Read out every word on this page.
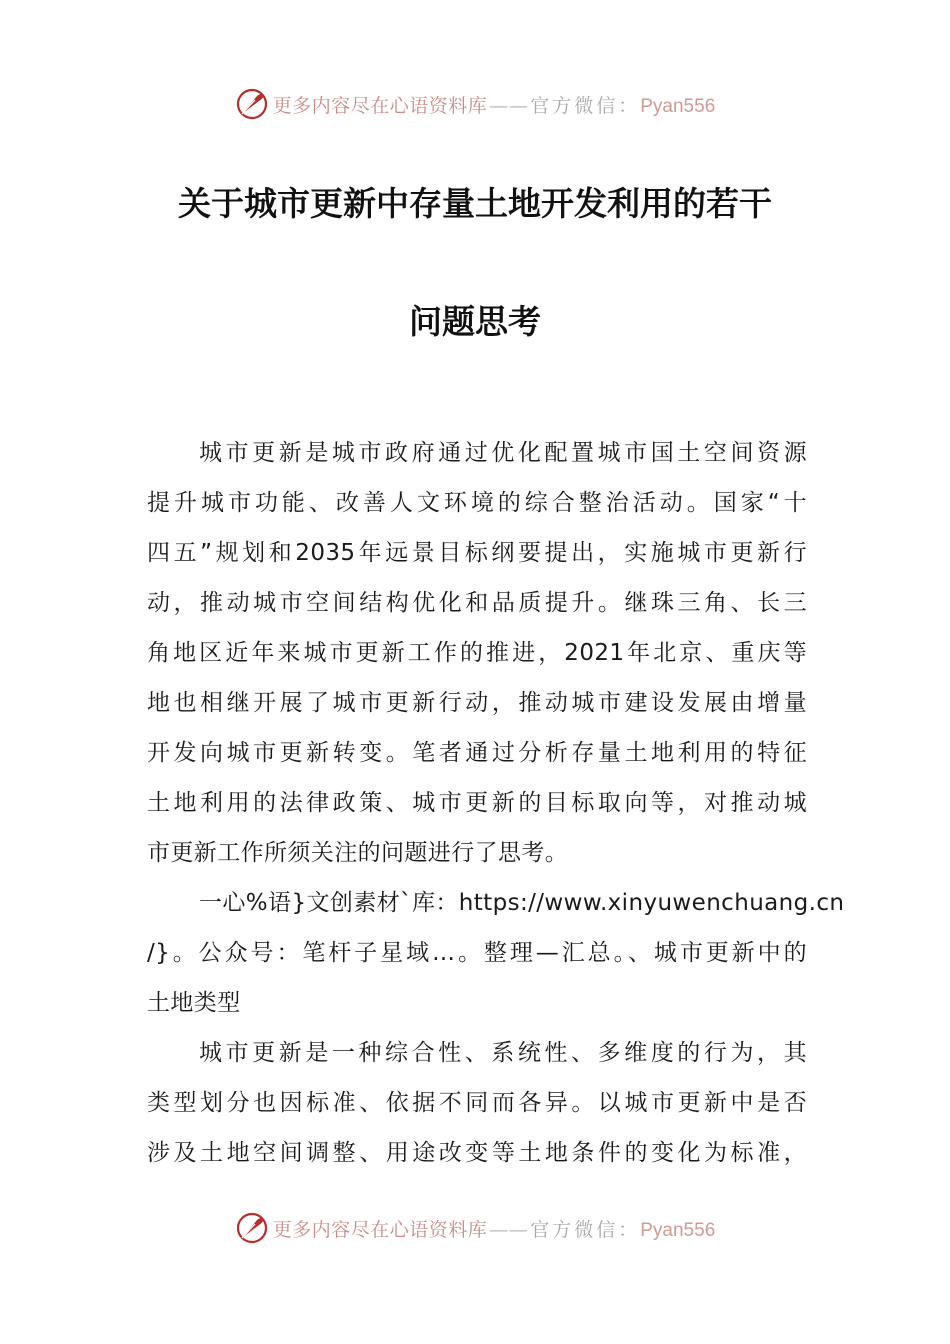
更多内容尽在心语资料库 —— 官方微信：Pyan556
关于城市更新中存量土地开发利用的若干
问题思考
城市更新是城市政府通过优化配置城市国土空间资源
提升城市功能、改善人文环境的综合整治活动。国家“十
四五”规划和2035年远景目标纲要提出，实施城市更新行
动，推动城市空间结构优化和品质提升。继珠三角、长三
角地区近年来城市更新工作的推进，2021年北京、重庆等
地也相继开展了城市更新行动，推动城市建设发展由增量
开发向城市更新转变。笔者通过分析存量土地利用的特征
土地利用的法律政策、城市更新的目标取向等，对推动城
市更新工作所须关注的问题进行了思考。
一心%语}文创素材`库：https://www.xinyuwenchuang.cn
/}。公众号：笔杆子星域…。整理—汇总。、城市更新中的
土地类型
城市更新是一种综合性、系统性、多维度的行为，其
类型划分也因标准、依据不同而各异。以城市更新中是否
涉及土地空间调整、用途改变等土地条件的变化为标准，
更多内容尽在心语资料库 —— 官方微信：Pyan556
